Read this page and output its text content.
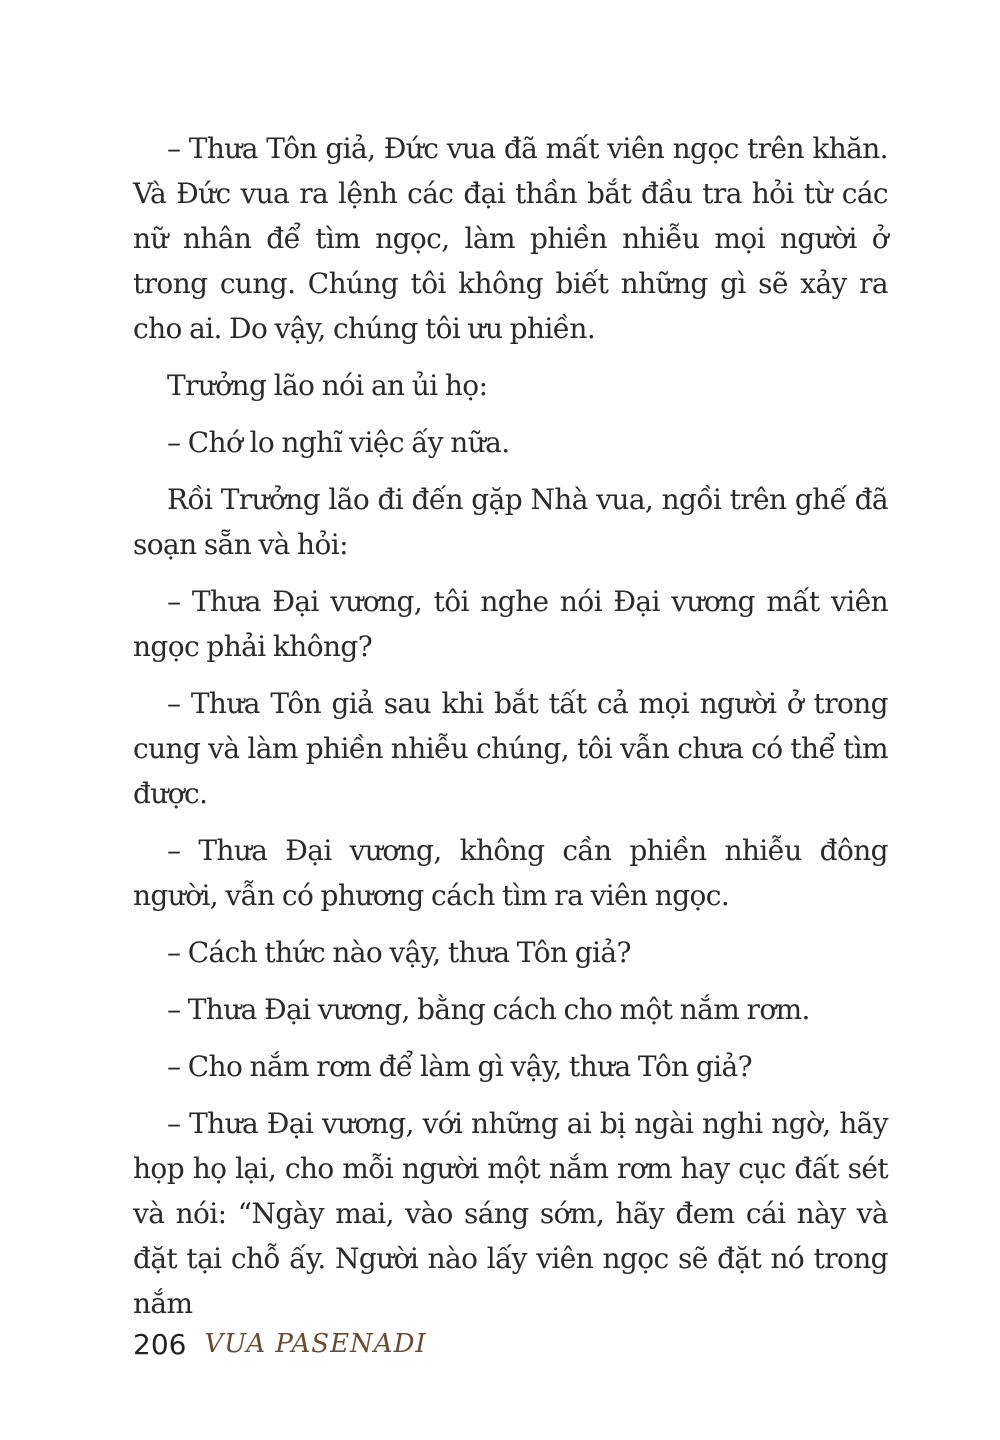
– Thưa Tôn giả, Đức vua đã mất viên ngọc trên khăn. Và Đức vua ra lệnh các đại thần bắt đầu tra hỏi từ các nữ nhân để tìm ngọc, làm phiền nhiễu mọi người ở trong cung. Chúng tôi không biết những gì sẽ xảy ra cho ai. Do vậy, chúng tôi ưu phiền.

Trưởng lão nói an ủi họ:

– Chớ lo nghĩ việc ấy nữa.

Rồi Trưởng lão đi đến gặp Nhà vua, ngồi trên ghế đã soạn sẵn và hỏi:

– Thưa Đại vương, tôi nghe nói Đại vương mất viên ngọc phải không?

– Thưa Tôn giả sau khi bắt tất cả mọi người ở trong cung và làm phiền nhiễu chúng, tôi vẫn chưa có thể tìm được.

– Thưa Đại vương, không cần phiền nhiễu đông người, vẫn có phương cách tìm ra viên ngọc.

– Cách thức nào vậy, thưa Tôn giả?

– Thưa Đại vương, bằng cách cho một nắm rơm.

– Cho nắm rơm để làm gì vậy, thưa Tôn giả?

– Thưa Đại vương, với những ai bị ngài nghi ngờ, hãy họp họ lại, cho mỗi người một nắm rơm hay cục đất sét và nói: “Ngày mai, vào sáng sớm, hãy đem cái này và đặt tại chỗ ấy. Người nào lấy viên ngọc sẽ đặt nó trong nắm

206 VUA PASENADI
